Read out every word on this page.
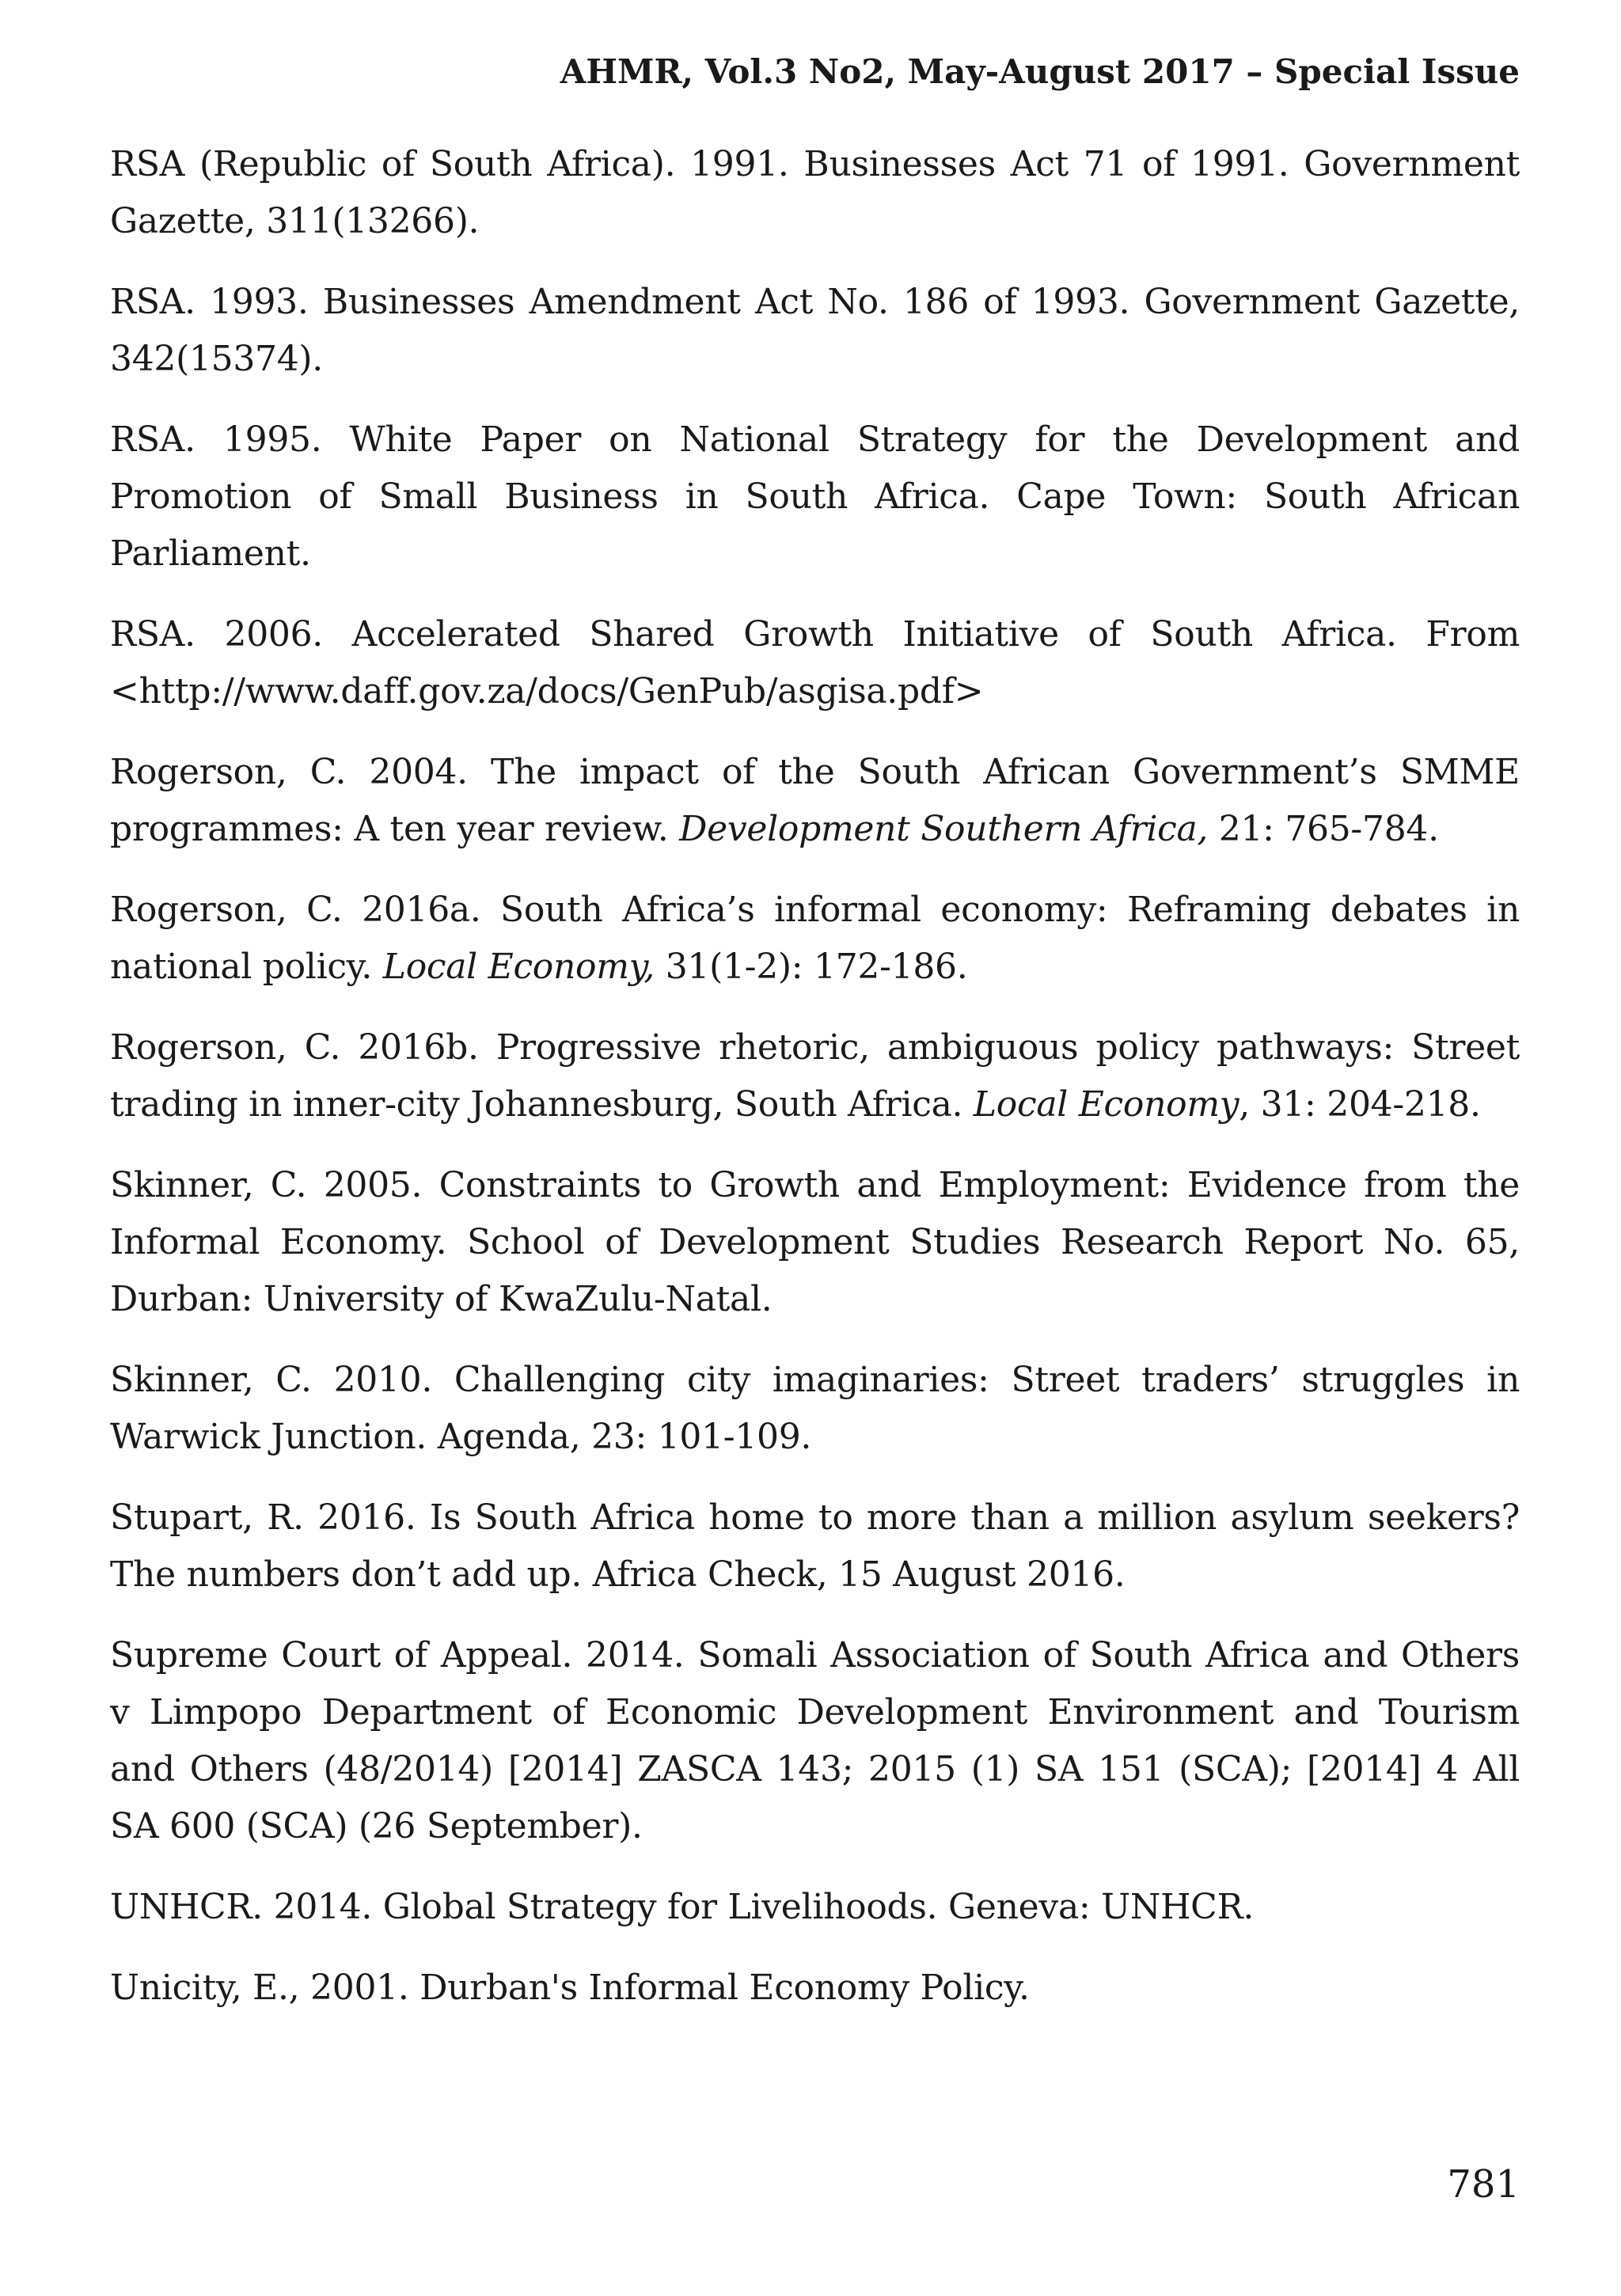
AHMR, Vol.3 No2, May-August 2017 – Special Issue

RSA (Republic of South Africa). 1991. Businesses Act 71 of 1991. Government Gazette, 311(13266).

RSA. 1993. Businesses Amendment Act No. 186 of 1993. Government Gazette, 342(15374).

RSA. 1995. White Paper on National Strategy for the Development and Promotion of Small Business in South Africa. Cape Town: South African Parliament.

RSA. 2006. Accelerated Shared Growth Initiative of South Africa. From <http://www.daff.gov.za/docs/GenPub/asgisa.pdf>

Rogerson, C. 2004. The impact of the South African Government’s SMME programmes: A ten year review. Development Southern Africa, 21: 765-784.

Rogerson, C. 2016a. South Africa’s informal economy: Reframing debates in national policy. Local Economy, 31(1-2): 172-186.

Rogerson, C. 2016b. Progressive rhetoric, ambiguous policy pathways: Street trading in inner-city Johannesburg, South Africa. Local Economy, 31: 204-218.

Skinner, C. 2005. Constraints to Growth and Employment: Evidence from the Informal Economy. School of Development Studies Research Report No. 65, Durban: University of KwaZulu-Natal.

Skinner, C. 2010. Challenging city imaginaries: Street traders’ struggles in Warwick Junction. Agenda, 23: 101-109.

Stupart, R. 2016. Is South Africa home to more than a million asylum seekers? The numbers don’t add up. Africa Check, 15 August 2016.

Supreme Court of Appeal. 2014. Somali Association of South Africa and Others v Limpopo Department of Economic Development Environment and Tourism and Others (48/2014) [2014] ZASCA 143; 2015 (1) SA 151 (SCA); [2014] 4 All SA 600 (SCA) (26 September).

UNHCR. 2014. Global Strategy for Livelihoods. Geneva: UNHCR.

Unicity, E., 2001. Durban's Informal Economy Policy.

781
